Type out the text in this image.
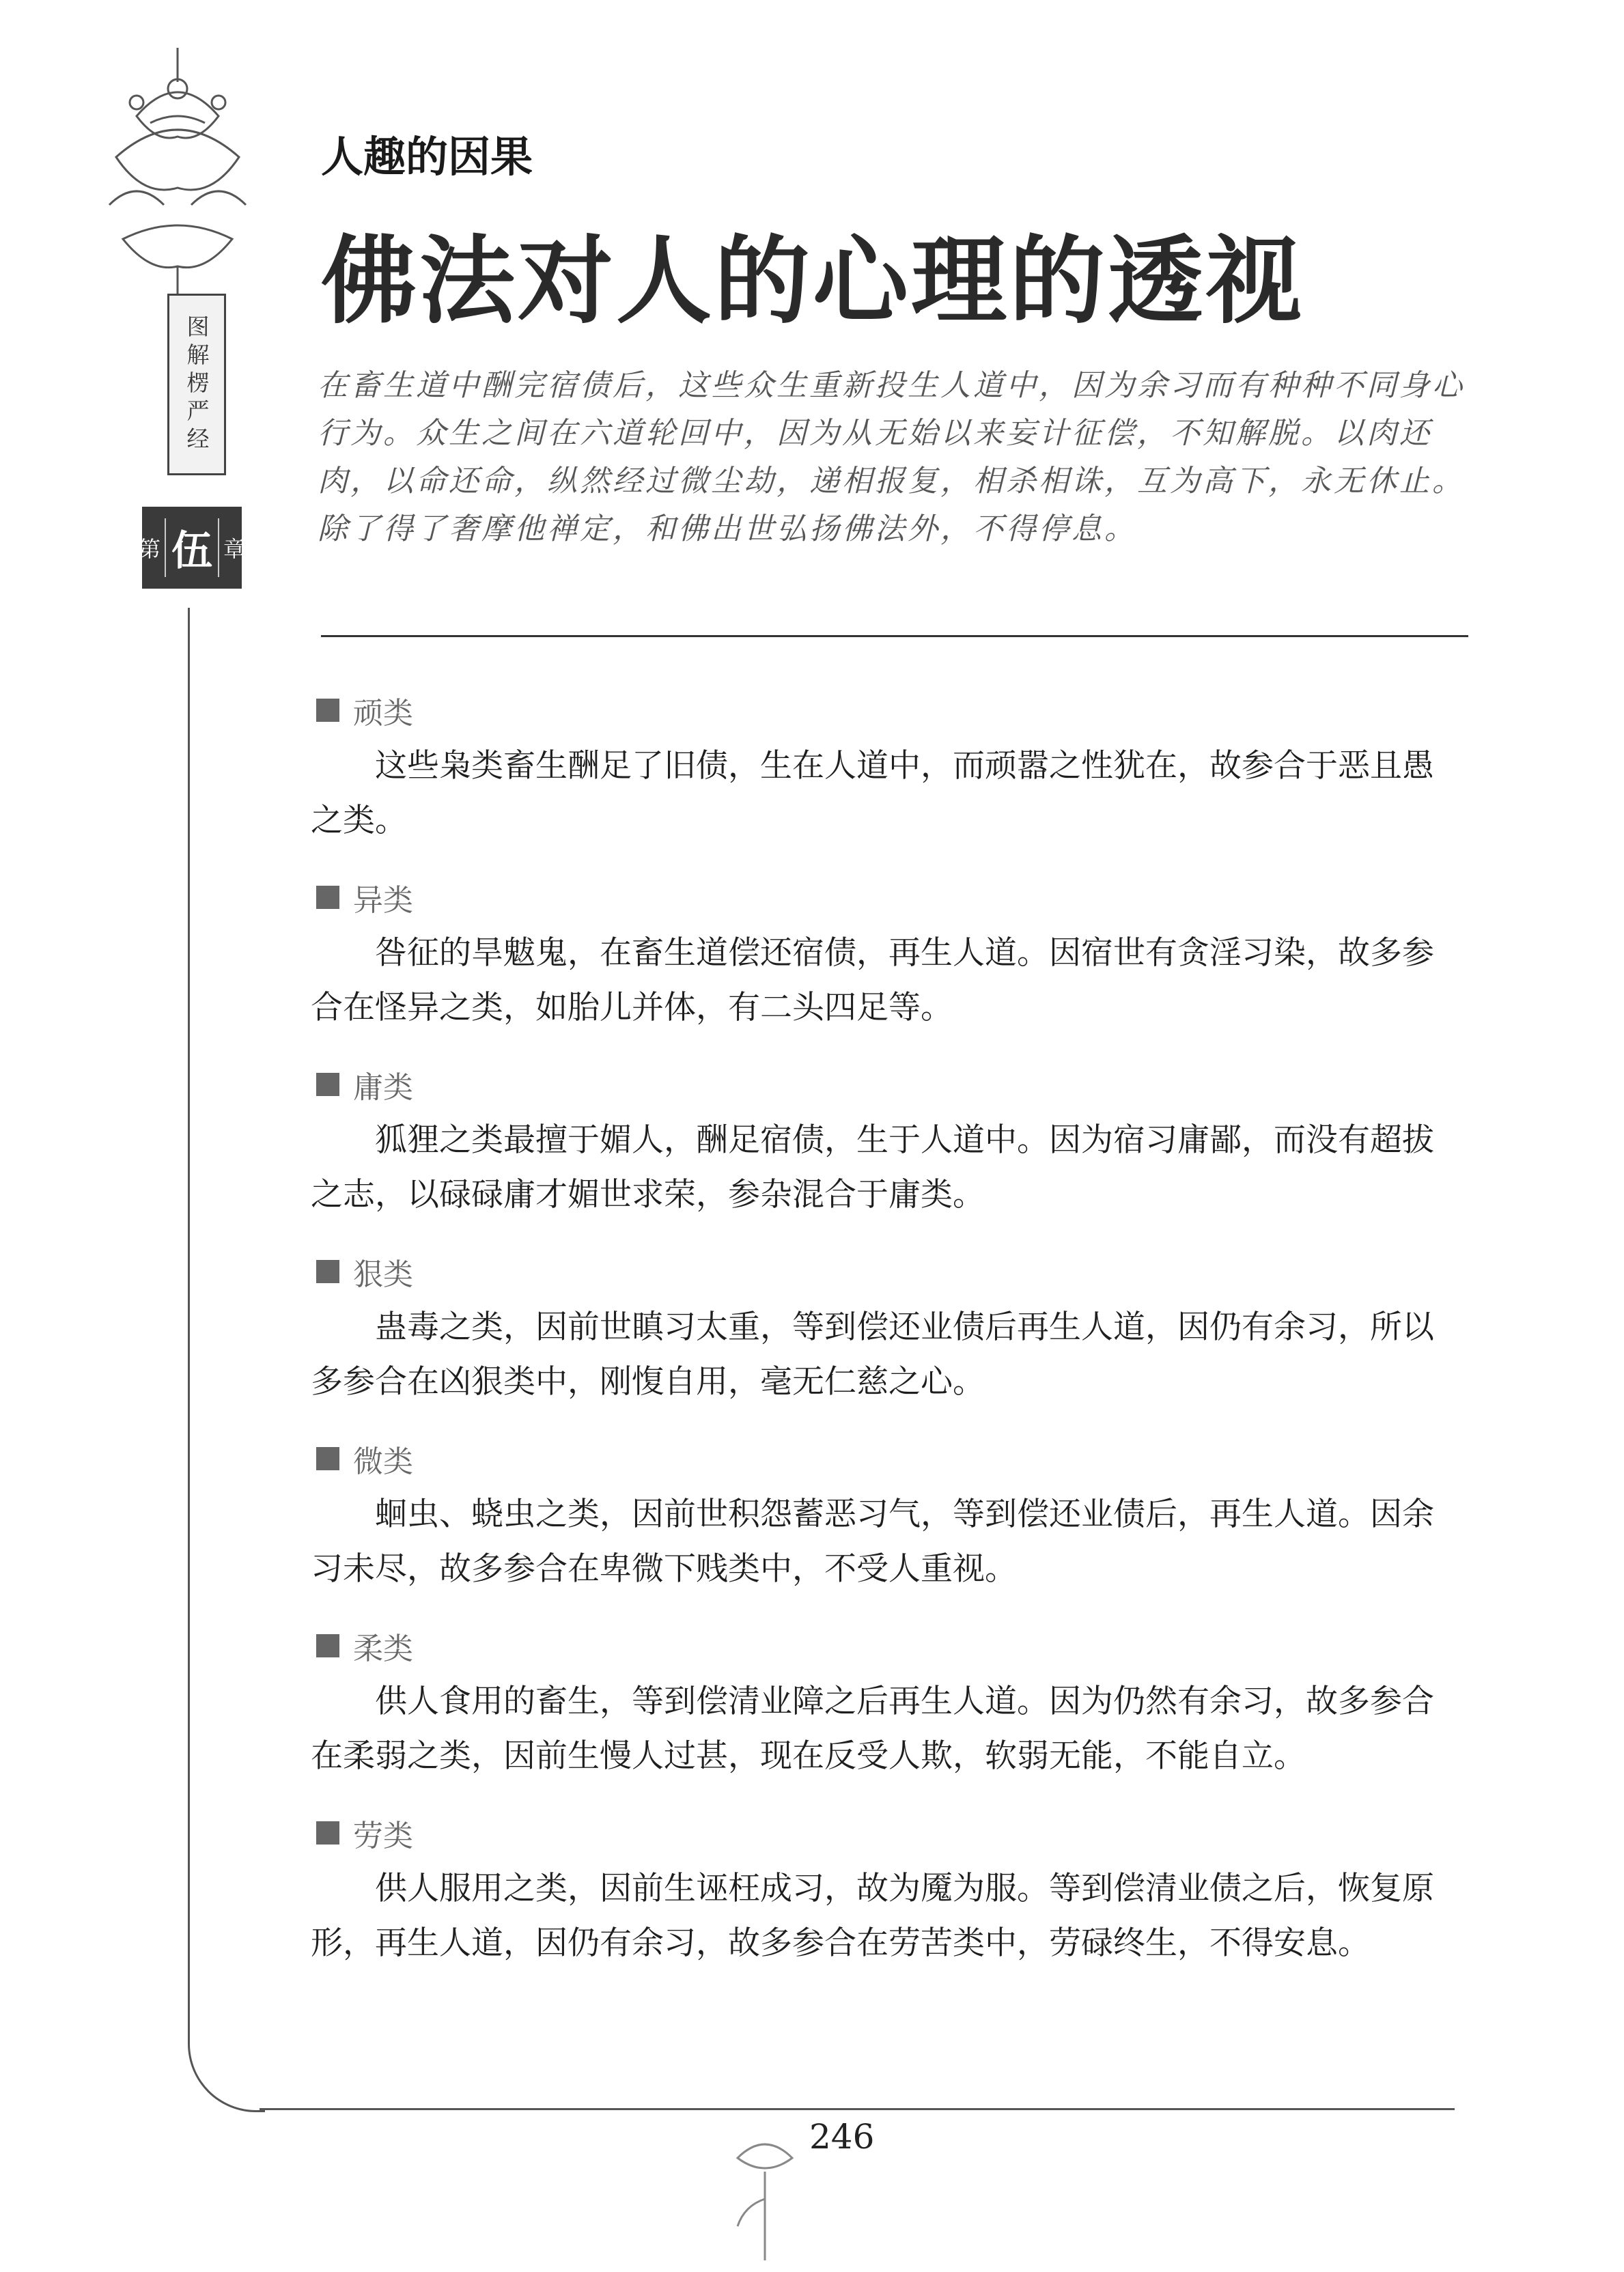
图解楞严经
第 伍 章
人趣的因果
佛法对人的心理的透视
在畜生道中酬完宿债后，这些众生重新投生人道中，因为余习而有种种不同身心行为。众生之间在六道轮回中，因为从无始以来妄计征偿，不知解脱。以肉还肉，以命还命，纵然经过微尘劫，递相报复，相杀相诛，互为高下，永无休止。除了得了奢摩他禅定，和佛出世弘扬佛法外，不得停息。
顽类
这些枭类畜生酬足了旧债，生在人道中，而顽嚣之性犹在，故参合于恶且愚之类。
异类
咎征的旱魃鬼，在畜生道偿还宿债，再生人道。因宿世有贪淫习染，故多参合在怪异之类，如胎儿并体，有二头四足等。
庸类
狐狸之类最擅于媚人，酬足宿债，生于人道中。因为宿习庸鄙，而没有超拔之志，以碌碌庸才媚世求荣，参杂混合于庸类。
狠类
蛊毒之类，因前世瞋习太重，等到偿还业债后再生人道，因仍有余习，所以多参合在凶狠类中，刚愎自用，毫无仁慈之心。
微类
蛔虫、蛲虫之类，因前世积怨蓄恶习气，等到偿还业债后，再生人道。因余习未尽，故多参合在卑微下贱类中，不受人重视。
柔类
供人食用的畜生，等到偿清业障之后再生人道。因为仍然有余习，故多参合在柔弱之类，因前生慢人过甚，现在反受人欺，软弱无能，不能自立。
劳类
供人服用之类，因前生诬枉成习，故为魇为服。等到偿清业债之后，恢复原形，再生人道，因仍有余习，故多参合在劳苦类中，劳碌终生，不得安息。
246
